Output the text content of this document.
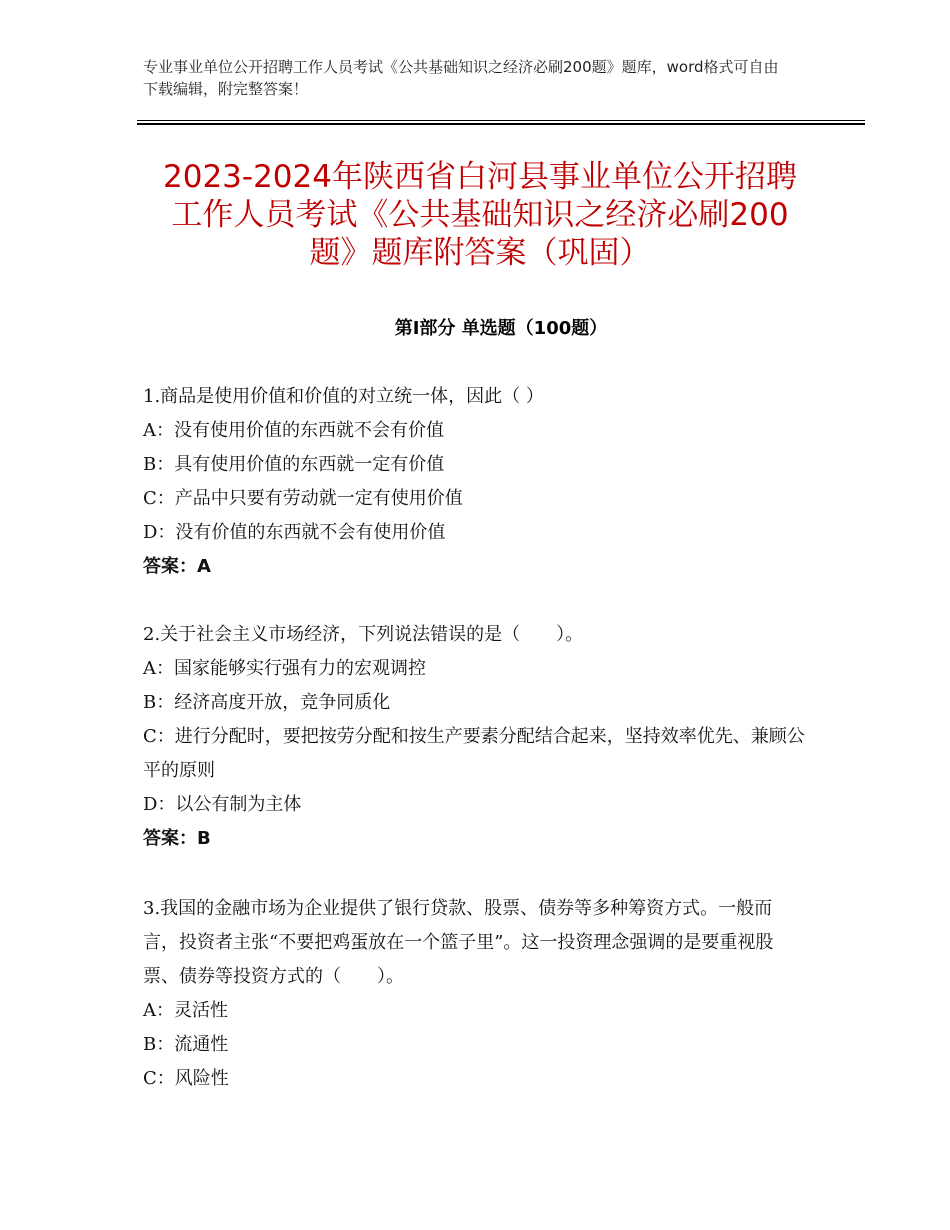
专业事业单位公开招聘工作人员考试《公共基础知识之经济必刷200题》题库，word格式可自由下载编辑，附完整答案！
2023-2024年陕西省白河县事业单位公开招聘工作人员考试《公共基础知识之经济必刷200题》题库附答案（巩固）
第Ⅰ部分 单选题（100题）

1.商品是使用价值和价值的对立统一体，因此（ ）

A：没有使用价值的东西就不会有价值

B：具有使用价值的东西就一定有价值

C：产品中只要有劳动就一定有使用价值

D：没有价值的东西就不会有使用价值

答案：A

2.关于社会主义市场经济，下列说法错误的是（　　）。

A：国家能够实行强有力的宏观调控

B：经济高度开放，竞争同质化

C：进行分配时，要把按劳分配和按生产要素分配结合起来，坚持效率优先、兼顾公平的原则

D：以公有制为主体

答案：B

3.我国的金融市场为企业提供了银行贷款、股票、债券等多种筹资方式。一般而言，投资者主张“不要把鸡蛋放在一个篮子里”。这一投资理念强调的是要重视股票、债券等投资方式的（　　）。

A：灵活性

B：流通性

C：风险性
